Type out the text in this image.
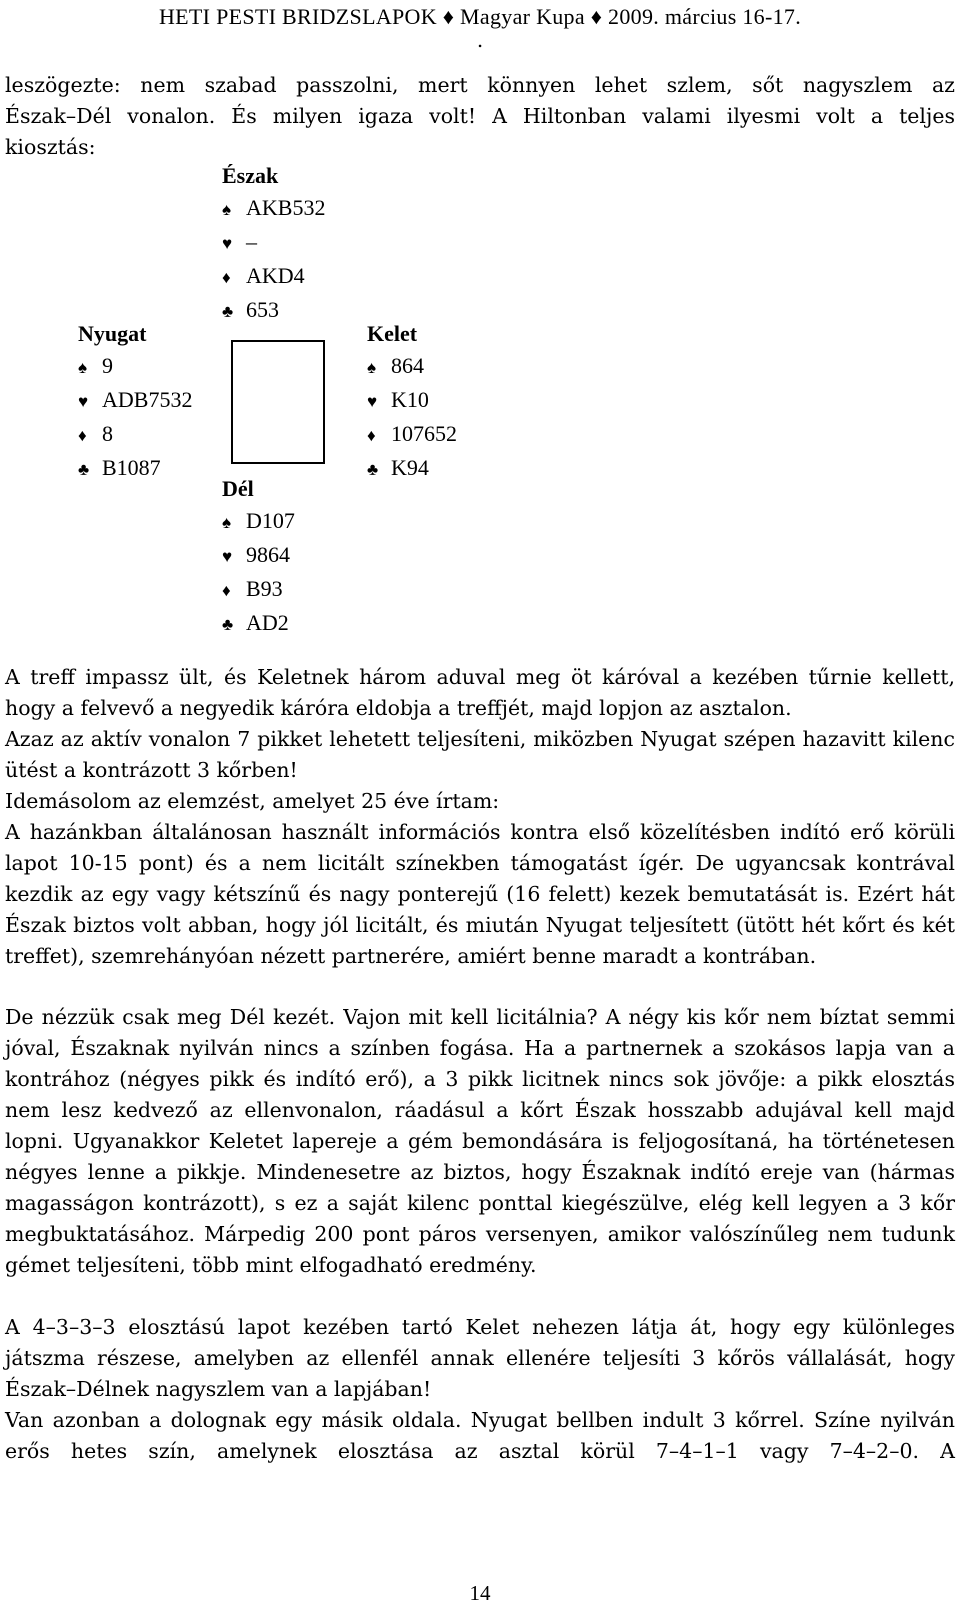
HETI PESTI BRIDZSLAPOK ♦ Magyar Kupa ♦ 2009. március 16-17.
.

leszögezte: nem szabad passzolni, mert könnyen lehet szlem, sőt nagyszlem az

Észak–Dél vonalon. És milyen igaza volt! A Hiltonban valami ilyesmi volt a teljes

kiosztás:

Észak
♠ AKB532
♥ –
♦ AKD4
♣ 653
Nyugat
♠ 9
♥ ADB7532
♦ 8
♣ B1087
Kelet
♠ 864
♥ K10
♦ 107652
♣ K94
Dél
♠ D107
♥ 9864
♦ B93
♣ AD2

A treff impassz ült, és Keletnek három aduval meg öt káróval a kezében tűrnie kellett, hogy a felvevő a negyedik káróra eldobja a treffjét, majd lopjon az asztalon.

Azaz az aktív vonalon 7 pikket lehetett teljesíteni, miközben Nyugat szépen hazavitt kilenc ütést a kontrázott 3 kőrben!

Idemásolom az elemzést, amelyet 25 éve írtam:

A hazánkban általánosan használt információs kontra első közelítésben indító erő körüli lapot 10-15 pont) és a nem licitált színekben támogatást ígér. De ugyancsak kontrával kezdik az egy vagy kétszínű és nagy ponterejű (16 felett) kezek bemutatását is. Ezért hát Észak biztos volt abban, hogy jól licitált, és miután Nyugat teljesített (ütött hét kőrt és két treffet), szemrehányóan nézett partnerére, amiért benne maradt a kontrában.

De nézzük csak meg Dél kezét. Vajon mit kell licitálnia? A négy kis kőr nem bíztat semmi jóval, Északnak nyilván nincs a színben fogása. Ha a partnernek a szokásos lapja van a kontrához (négyes pikk és indító erő), a 3 pikk licitnek nincs sok jövője: a pikk elosztás nem lesz kedvező az ellenvonalon, ráadásul a kőrt Észak hosszabb adujával kell majd lopni. Ugyanakkor Keletet lapereje a gém bemondására is feljogosítaná, ha történetesen négyes lenne a pikkje. Mindenesetre az biztos, hogy Északnak indító ereje van (hármas magasságon kontrázott), s ez a saját kilenc ponttal kiegészülve, elég kell legyen a 3 kőr megbuktatásához. Márpedig 200 pont páros versenyen, amikor valószínűleg nem tudunk gémet teljesíteni, több mint elfogadható eredmény.

A 4–3–3–3 elosztású lapot kezében tartó Kelet nehezen látja át, hogy egy különleges játszma részese, amelyben az ellenfél annak ellenére teljesíti 3 kőrös vállalását, hogy Észak–Délnek nagyszlem van a lapjában!

Van azonban a dolognak egy másik oldala. Nyugat bellben indult 3 kőrrel. Színe nyilván erős hetes szín, amelynek elosztása az asztal körül 7–4–1–1 vagy 7–4–2–0. A

14
